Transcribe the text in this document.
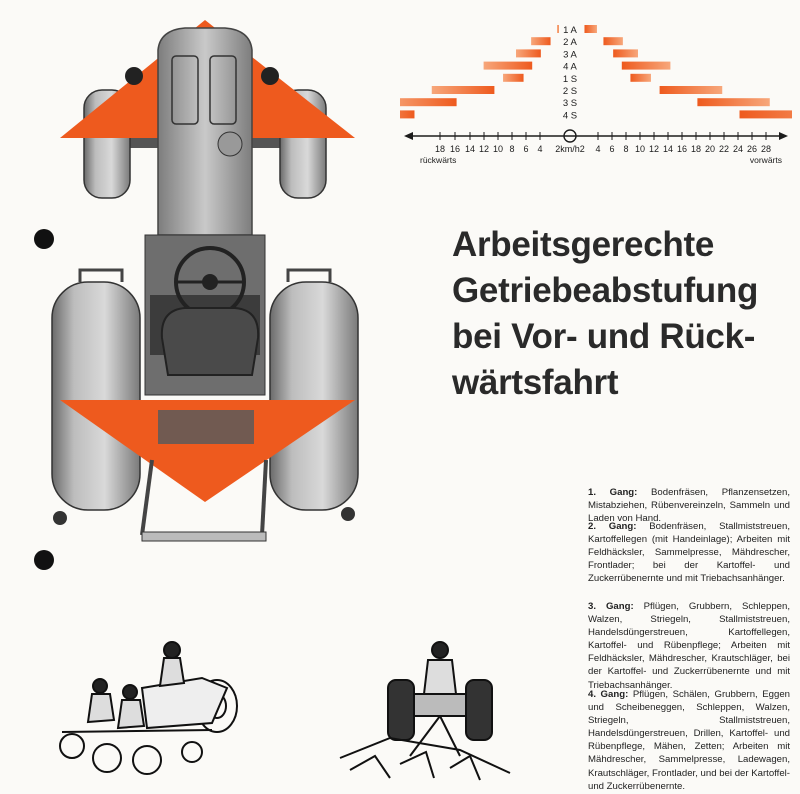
1 A
2 A
3 A
4 A
1 S
2 S
3 S
4 S
18 16 14 12 10 8 6 4	4 6 8 10 12 14 16 18 20 22 24 26 28
2km/h2
rückwärts	vorwärts
Arbeitsgerechte
Getriebeabstufung
bei Vor- und Rück-
wärtsfahrt
1. Gang: Bodenfräsen, Pflanzensetzen, Mistabziehen, Rübenvereinzeln, Sammeln und Laden von Hand.
2. Gang: Bodenfräsen, Stallmiststreuen, Kartoffellegen (mit Handeinlage); Arbeiten mit Feldhäcksler, Sammelpresse, Mähdrescher, Frontlader; bei der Kartoffel- und Zuckerrübenernte und mit Triebachsanhänger.
3. Gang: Pflügen, Grubbern, Schleppen, Walzen, Striegeln, Stallmiststreuen, Handelsdüngerstreuen, Kartoffellegen, Kartoffel- und Rübenpflege; Arbeiten mit Feldhäcksler, Mähdrescher, Krautschläger, bei der Kartoffel- und Zuckerrübenernte und mit Triebachsanhänger.
4. Gang: Pflügen, Schälen, Grubbern, Eggen und Scheibeneggen, Schleppen, Walzen, Striegeln, Stallmiststreuen, Handelsdüngerstreuen, Drillen, Kartoffel- und Rübenpflege, Mähen, Zetten; Arbeiten mit Mähdrescher, Sammelpresse, Ladewagen, Krautschläger, Frontlader, und bei der Kartoffel- und Zuckerrübenernte.
